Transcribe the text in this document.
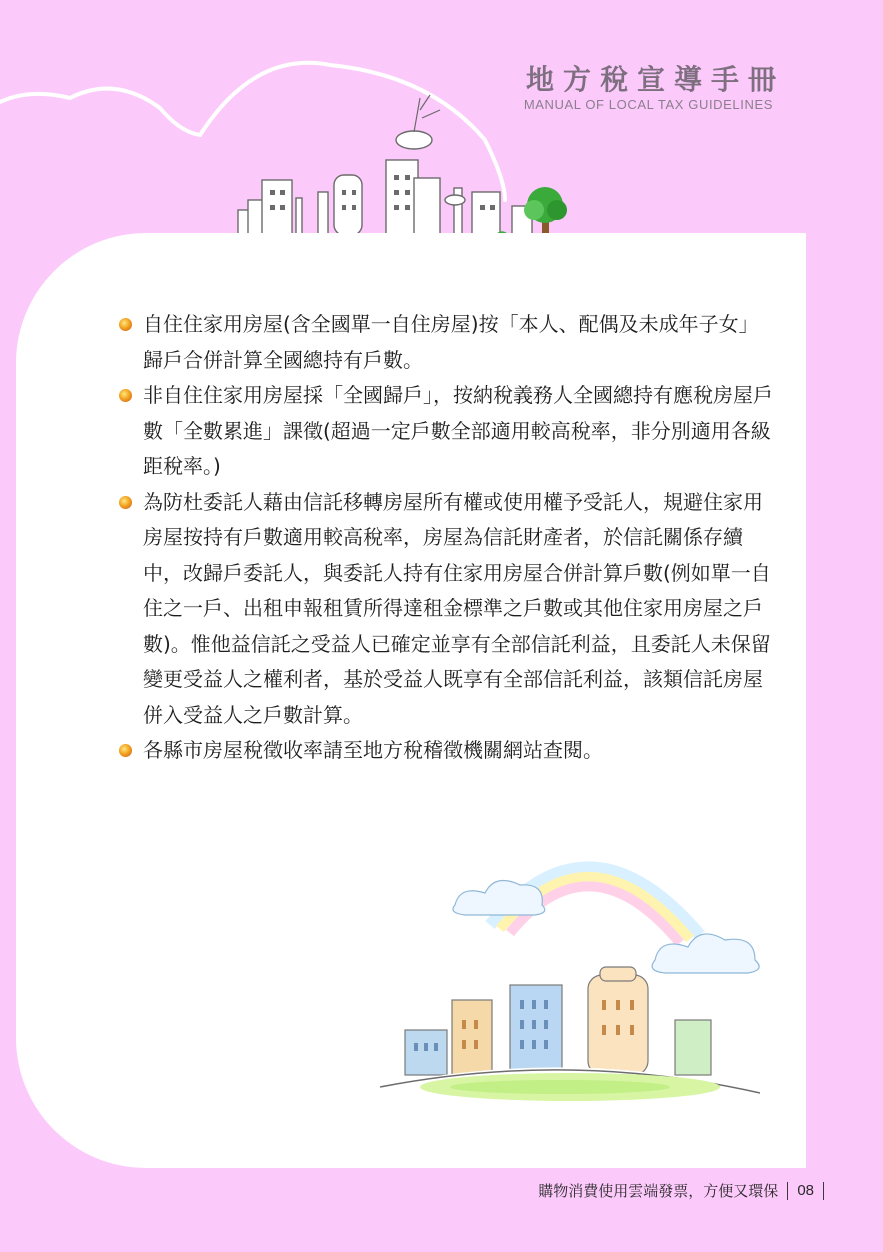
地方稅宣導手冊
MANUAL OF LOCAL TAX GUIDELINES
自住住家用房屋(含全國單一自住房屋)按「本人、配偶及未成年子女」歸戶合併計算全國總持有戶數。
非自住住家用房屋採「全國歸戶」，按納稅義務人全國總持有應稅房屋戶數「全數累進」課徵(超過一定戶數全部適用較高稅率，非分別適用各級距稅率。)
為防杜委託人藉由信託移轉房屋所有權或使用權予受託人，規避住家用房屋按持有戶數適用較高稅率，房屋為信託財產者，於信託關係存續中，改歸戶委託人，與委託人持有住家用房屋合併計算戶數(例如單一自住之一戶、出租申報租賃所得達租金標準之戶數或其他住家用房屋之戶數)。惟他益信託之受益人已確定並享有全部信託利益，且委託人未保留變更受益人之權利者，基於受益人既享有全部信託利益，該類信託房屋併入受益人之戶數計算。
各縣市房屋稅徵收率請至地方稅稽徵機關網站查閱。
購物消費使用雲端發票，方便又環保 08
